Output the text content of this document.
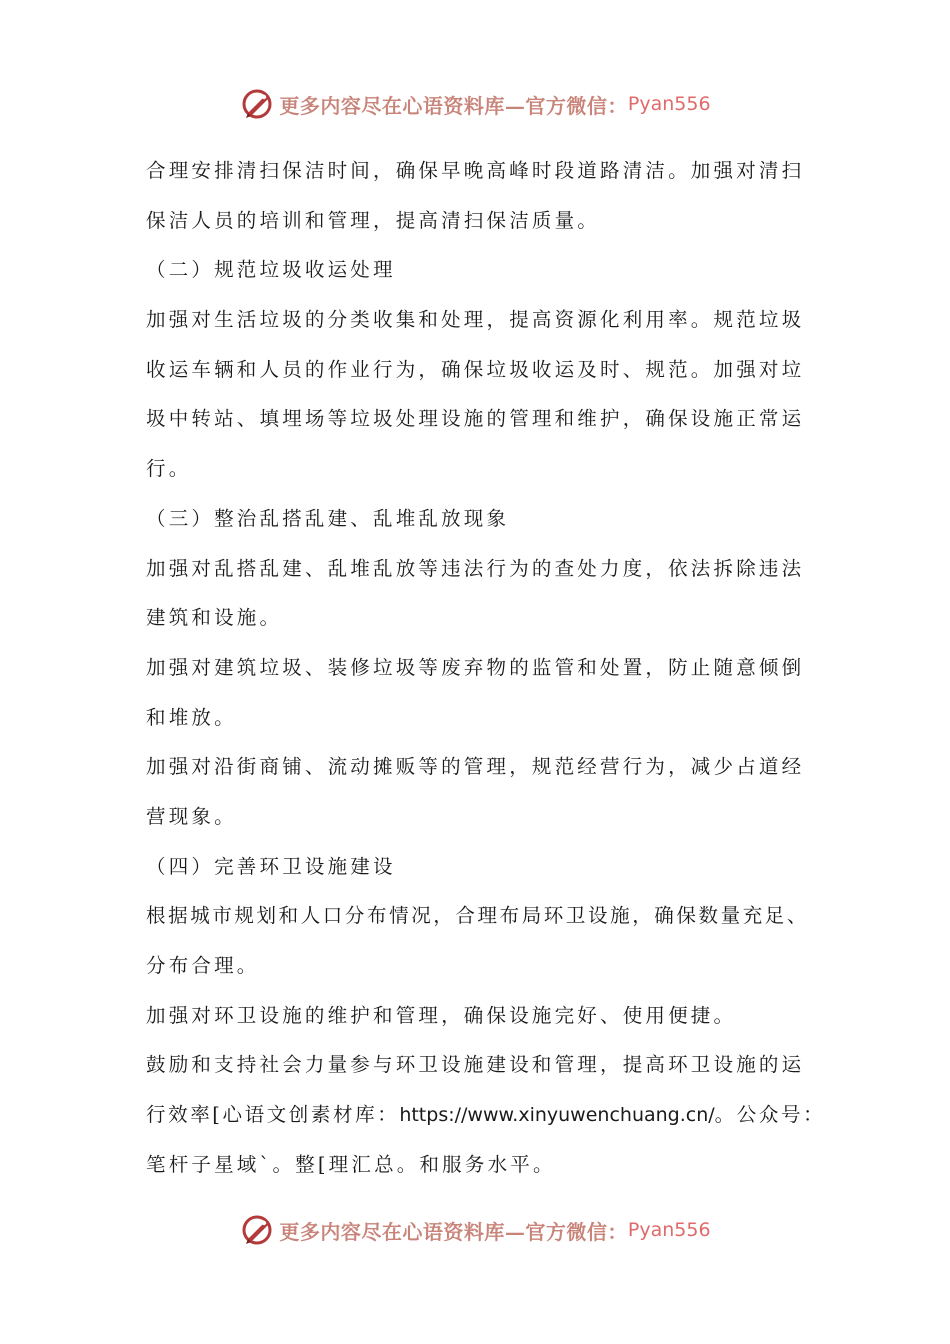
更多内容尽在心语资料库—官方微信： Pyan556
合理安排清扫保洁时间，确保早晚高峰时段道路清洁。加强对清扫
保洁人员的培训和管理，提高清扫保洁质量。
（二）规范垃圾收运处理
加强对生活垃圾的分类收集和处理，提高资源化利用率。规范垃圾
收运车辆和人员的作业行为，确保垃圾收运及时、规范。加强对垃
圾中转站、填埋场等垃圾处理设施的管理和维护，确保设施正常运
行。
（三）整治乱搭乱建、乱堆乱放现象
加强对乱搭乱建、乱堆乱放等违法行为的查处力度，依法拆除违法
建筑和设施。
加强对建筑垃圾、装修垃圾等废弃物的监管和处置，防止随意倾倒
和堆放。
加强对沿街商铺、流动摊贩等的管理，规范经营行为，减少占道经
营现象。
（四）完善环卫设施建设
根据城市规划和人口分布情况，合理布局环卫设施，确保数量充足、
分布合理。
加强对环卫设施的维护和管理，确保设施完好、使用便捷。
鼓励和支持社会力量参与环卫设施建设和管理，提高环卫设施的运
行效率[心语文创素材库：https://www.xinyuwenchuang.cn/。公众号：
笔杆子星域`。整[理汇总。和服务水平。
更多内容尽在心语资料库—官方微信： Pyan556
